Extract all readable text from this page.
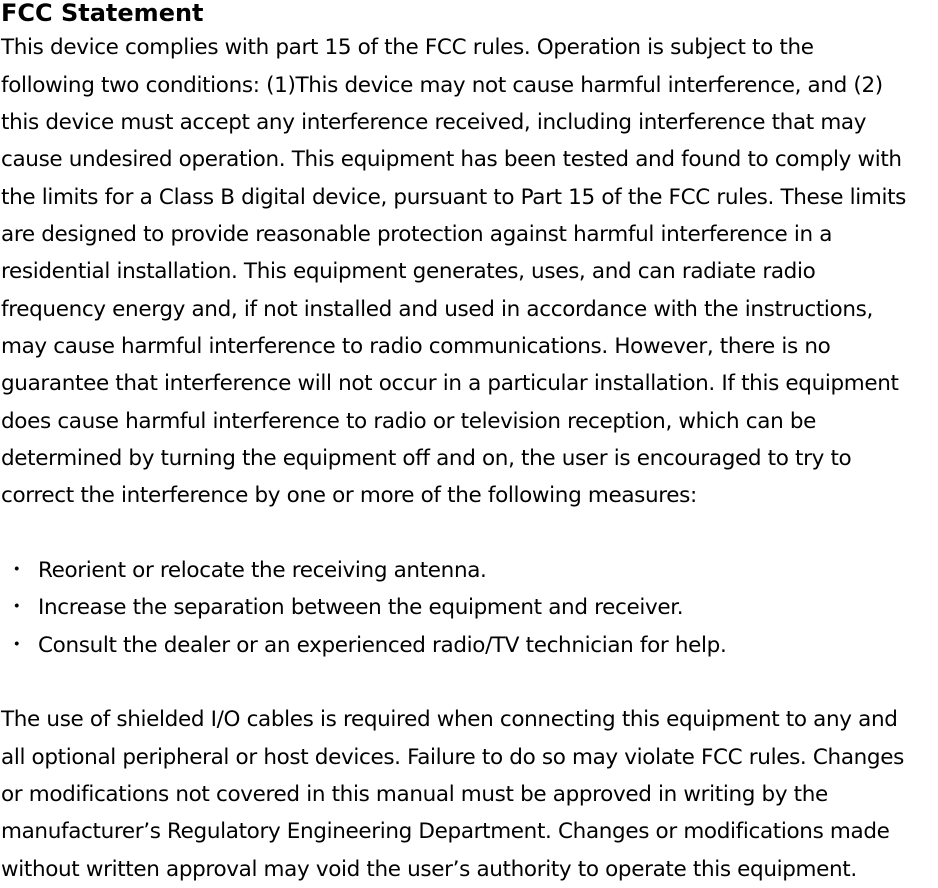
FCC Statement

This device complies with part 15 of the FCC rules. Operation is subject to the

following two conditions: (1)This device may not cause harmful interference, and (2)

this device must accept any interference received, including interference that may

cause undesired operation. This equipment has been tested and found to comply with

the limits for a Class B digital device, pursuant to Part 15 of the FCC rules. These limits

are designed to provide reasonable protection against harmful interference in a

residential installation. This equipment generates, uses, and can radiate radio

frequency energy and, if not installed and used in accordance with the instructions,

may cause harmful interference to radio communications. However, there is no

guarantee that interference will not occur in a particular installation. If this equipment

does cause harmful interference to radio or television reception, which can be

determined by turning the equipment off and on, the user is encouraged to try to

correct the interference by one or more of the following measures:

・ Reorient or relocate the receiving antenna.
・ Increase the separation between the equipment and receiver.
・ Consult the dealer or an experienced radio/TV technician for help.

The use of shielded I/O cables is required when connecting this equipment to any and

all optional peripheral or host devices. Failure to do so may violate FCC rules. Changes

or modifications not covered in this manual must be approved in writing by the

manufacturer’s Regulatory Engineering Department. Changes or modifications made

without written approval may void the user’s authority to operate this equipment.
